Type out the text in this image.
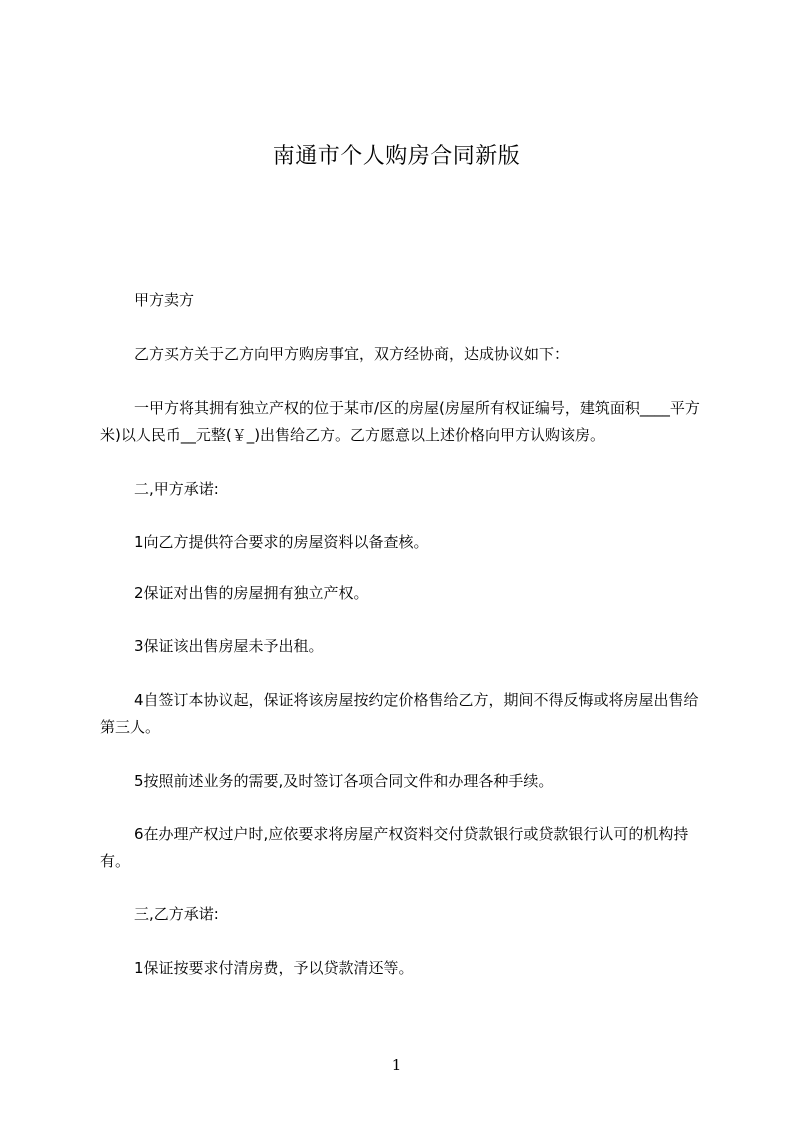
南通市个人购房合同新版

甲方卖方

乙方买方关于乙方向甲方购房事宜，双方经协商，达成协议如下：

一甲方将其拥有独立产权的位于某市/区的房屋(房屋所有权证编号，建筑面积____平方米)以人民币__元整(￥_)出售给乙方。乙方愿意以上述价格向甲方认购该房。

二,甲方承诺:

1向乙方提供符合要求的房屋资料以备查核。

2保证对出售的房屋拥有独立产权。

3保证该出售房屋未予出租。

4自签订本协议起，保证将该房屋按约定价格售给乙方，期间不得反悔或将房屋出售给第三人。

5按照前述业务的需要,及时签订各项合同文件和办理各种手续。

6在办理产权过户时,应依要求将房屋产权资料交付贷款银行或贷款银行认可的机构持有。

三,乙方承诺:

1保证按要求付清房费，予以贷款清还等。

1
